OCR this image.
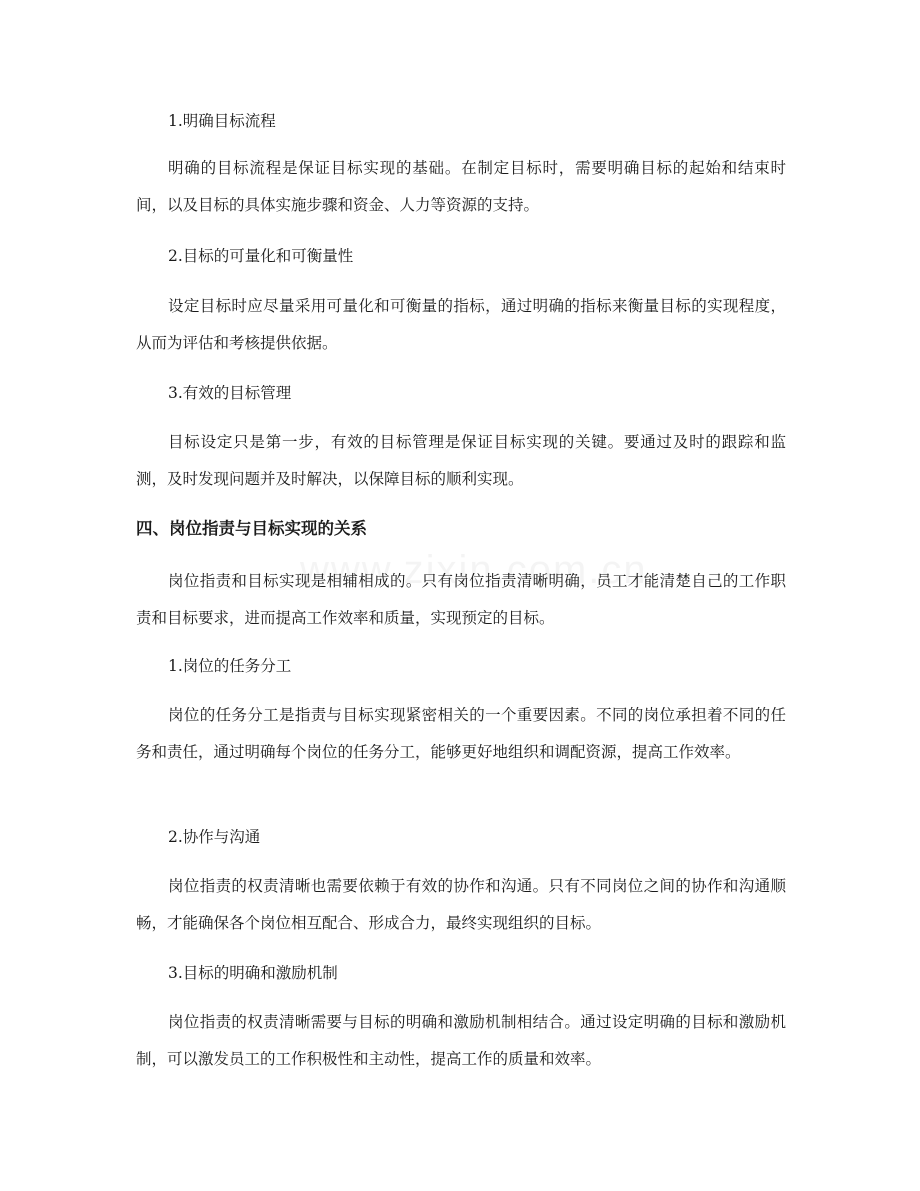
1.明确目标流程

明确的目标流程是保证目标实现的基础。在制定目标时，需要明确目标的起始和结束时间，以及目标的具体实施步骤和资金、人力等资源的支持。

2.目标的可量化和可衡量性

设定目标时应尽量采用可量化和可衡量的指标，通过明确的指标来衡量目标的实现程度，从而为评估和考核提供依据。

3.有效的目标管理

目标设定只是第一步，有效的目标管理是保证目标实现的关键。要通过及时的跟踪和监测，及时发现问题并及时解决，以保障目标的顺利实现。

四、岗位指责与目标实现的关系

岗位指责和目标实现是相辅相成的。只有岗位指责清晰明确，员工才能清楚自己的工作职责和目标要求，进而提高工作效率和质量，实现预定的目标。

1.岗位的任务分工

岗位的任务分工是指责与目标实现紧密相关的一个重要因素。不同的岗位承担着不同的任务和责任，通过明确每个岗位的任务分工，能够更好地组织和调配资源，提高工作效率。

2.协作与沟通

岗位指责的权责清晰也需要依赖于有效的协作和沟通。只有不同岗位之间的协作和沟通顺畅，才能确保各个岗位相互配合、形成合力，最终实现组织的目标。

3.目标的明确和激励机制

岗位指责的权责清晰需要与目标的明确和激励机制相结合。通过设定明确的目标和激励机制，可以激发员工的工作积极性和主动性，提高工作的质量和效率。
